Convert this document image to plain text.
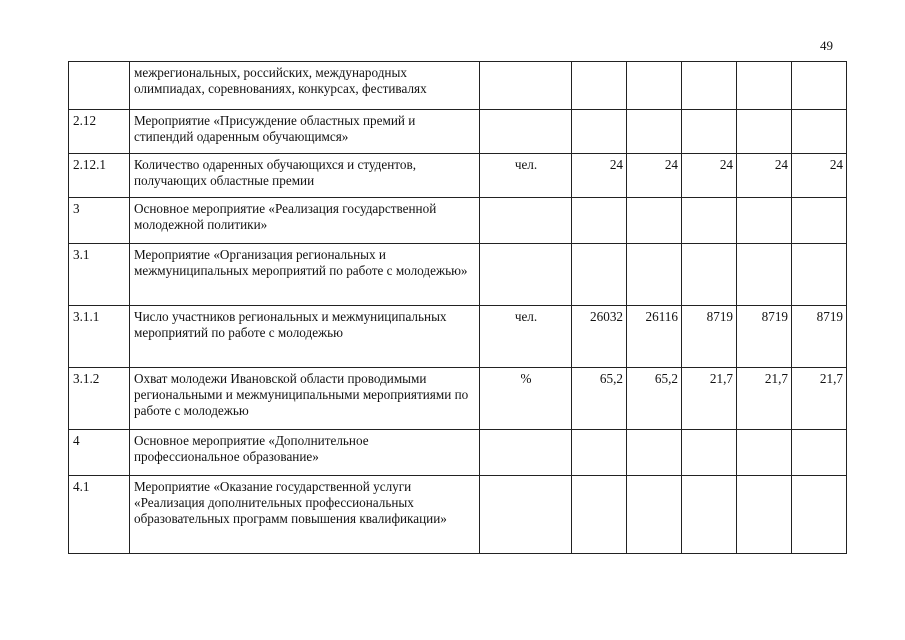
49
	межрегиональных, российских, международных олимпиадах, соревнованиях, конкурсах, фестивалях						
2.12	Мероприятие «Присуждение областных премий и стипендий одаренным обучающимся»						
2.12.1	Количество одаренных обучающихся и студентов, получающих областные премии	чел.	24	24	24	24	24
3	Основное мероприятие «Реализация государственной молодежной политики»						
3.1	Мероприятие «Организация региональных и межмуниципальных мероприятий по работе с молодежью»						
3.1.1	Число участников региональных и межмуниципальных мероприятий по работе с молодежью	чел.	26032	26116	8719	8719	8719
3.1.2	Охват молодежи Ивановской области проводимыми региональными и межмуниципальными мероприятиями по работе с молодежью	%	65,2	65,2	21,7	21,7	21,7
4	Основное мероприятие «Дополнительное профессиональное образование»						
4.1	Мероприятие «Оказание государственной услуги «Реализация дополнительных профессиональных образовательных программ повышения квалификации»						
